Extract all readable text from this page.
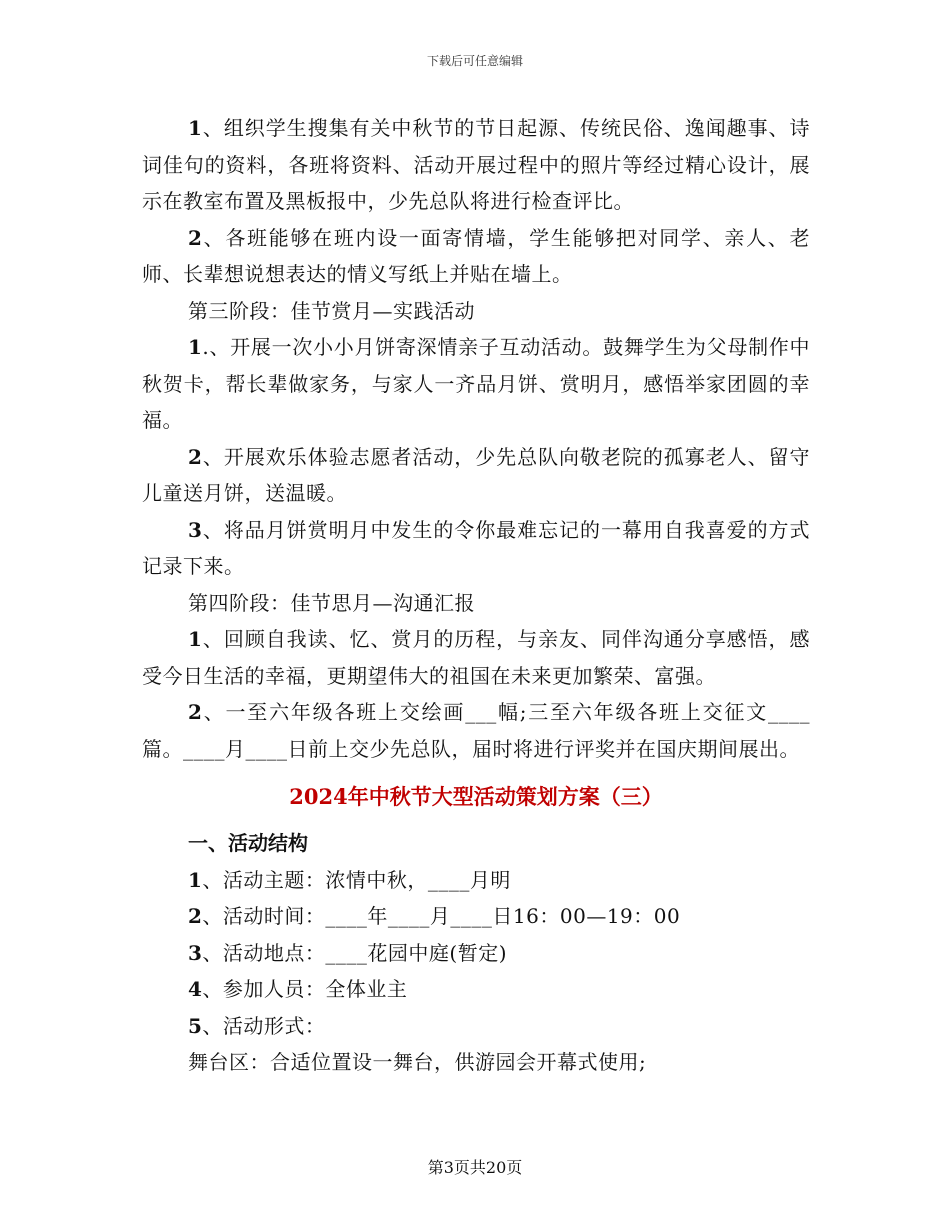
下载后可任意编辑

1、组织学生搜集有关中秋节的节日起源、传统民俗、逸闻趣事、诗词佳句的资料，各班将资料、活动开展过程中的照片等经过精心设计，展示在教室布置及黑板报中，少先总队将进行检查评比。

2、各班能够在班内设一面寄情墙，学生能够把对同学、亲人、老师、长辈想说想表达的情义写纸上并贴在墙上。

第三阶段：佳节赏月—实践活动

1.、开展一次小小月饼寄深情亲子互动活动。鼓舞学生为父母制作中秋贺卡，帮长辈做家务，与家人一齐品月饼、赏明月，感悟举家团圆的幸福。

2、开展欢乐体验志愿者活动，少先总队向敬老院的孤寡老人、留守儿童送月饼，送温暖。

3、将品月饼赏明月中发生的令你最难忘记的一幕用自我喜爱的方式记录下来。

第四阶段：佳节思月—沟通汇报

1、回顾自我读、忆、赏月的历程，与亲友、同伴沟通分享感悟，感受今日生活的幸福，更期望伟大的祖国在未来更加繁荣、富强。

2、一至六年级各班上交绘画___幅;三至六年级各班上交征文____篇。____月____日前上交少先总队，届时将进行评奖并在国庆期间展出。

2024年中秋节大型活动策划方案（三）

一、活动结构

1、活动主题：浓情中秋，____月明

2、活动时间：____年____月____日16：00—19：00

3、活动地点：____花园中庭(暂定)

4、参加人员：全体业主

5、活动形式：

舞台区：合适位置设一舞台，供游园会开幕式使用;

第3页共20页
